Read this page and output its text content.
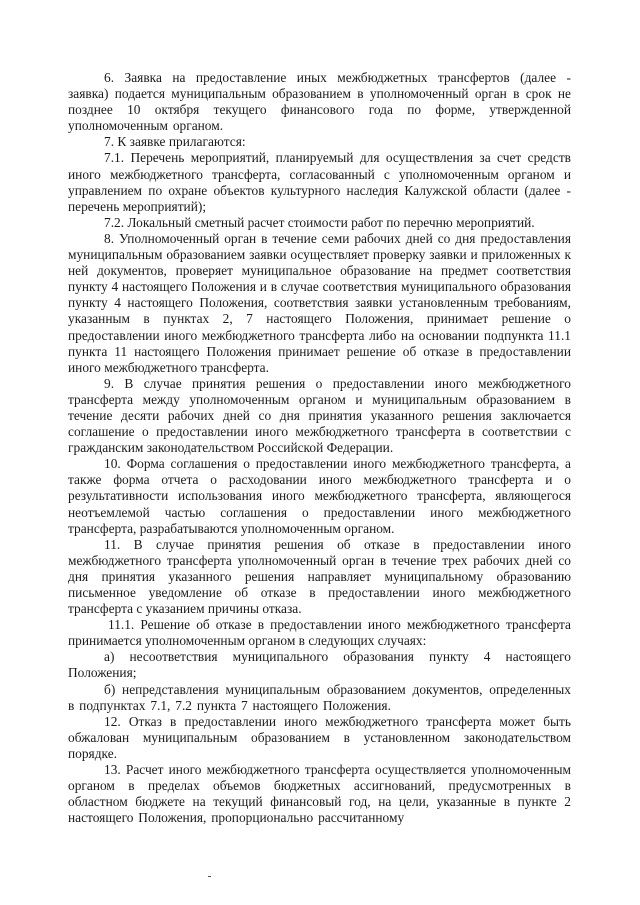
6. Заявка на предоставление иных межбюджетных трансфертов (далее - заявка) подается муниципальным образованием в уполномоченный орган в срок не позднее 10 октября текущего финансового года по форме, утвержденной уполномоченным органом.

7. К заявке прилагаются:

7.1. Перечень мероприятий, планируемый для осуществления за счет средств иного межбюджетного трансферта, согласованный с уполномоченным органом и управлением по охране объектов культурного наследия Калужской области (далее - перечень мероприятий);

7.2. Локальный сметный расчет стоимости работ по перечню мероприятий.

8. Уполномоченный орган в течение семи рабочих дней со дня предоставления муниципальным образованием заявки осуществляет проверку заявки и приложенных к ней документов, проверяет муниципальное образование на предмет соответствия пункту 4 настоящего Положения и в случае соответствия муниципального образования пункту 4 настоящего Положения, соответствия заявки установленным требованиям, указанным в пунктах 2, 7 настоящего Положения, принимает решение о предоставлении иного межбюджетного трансферта либо на основании подпункта 11.1 пункта 11 настоящего Положения принимает решение об отказе в предоставлении иного межбюджетного трансферта.

9. В случае принятия решения о предоставлении иного межбюджетного трансферта между уполномоченным органом и муниципальным образованием в течение десяти рабочих дней со дня принятия указанного решения заключается соглашение о предоставлении иного межбюджетного трансферта в соответствии с гражданским законодательством Российской Федерации.

10. Форма соглашения о предоставлении иного межбюджетного трансферта, а также форма отчета о расходовании иного межбюджетного трансферта и о результативности использования иного межбюджетного трансферта, являющегося неотъемлемой частью соглашения о предоставлении иного межбюджетного трансферта, разрабатываются уполномоченным органом.

11. В случае принятия решения об отказе в предоставлении иного межбюджетного трансферта уполномоченный орган в течение трех рабочих дней со дня принятия указанного решения направляет муниципальному образованию письменное уведомление об отказе в предоставлении иного межбюджетного трансферта с указанием причины отказа.

11.1. Решение об отказе в предоставлении иного межбюджетного трансферта принимается уполномоченным органом в следующих случаях:

а) несоответствия муниципального образования пункту 4 настоящего Положения;

б) непредставления муниципальным образованием документов, определенных в подпунктах 7.1, 7.2 пункта 7 настоящего Положения.

12. Отказ в предоставлении иного межбюджетного трансферта может быть обжалован муниципальным образованием в установленном законодательством порядке.

13. Расчет иного межбюджетного трансферта осуществляется уполномоченным органом в пределах объемов бюджетных ассигнований, предусмотренных в областном бюджете на текущий финансовый год, на цели, указанные в пункте 2 настоящего Положения, пропорционально рассчитанному
